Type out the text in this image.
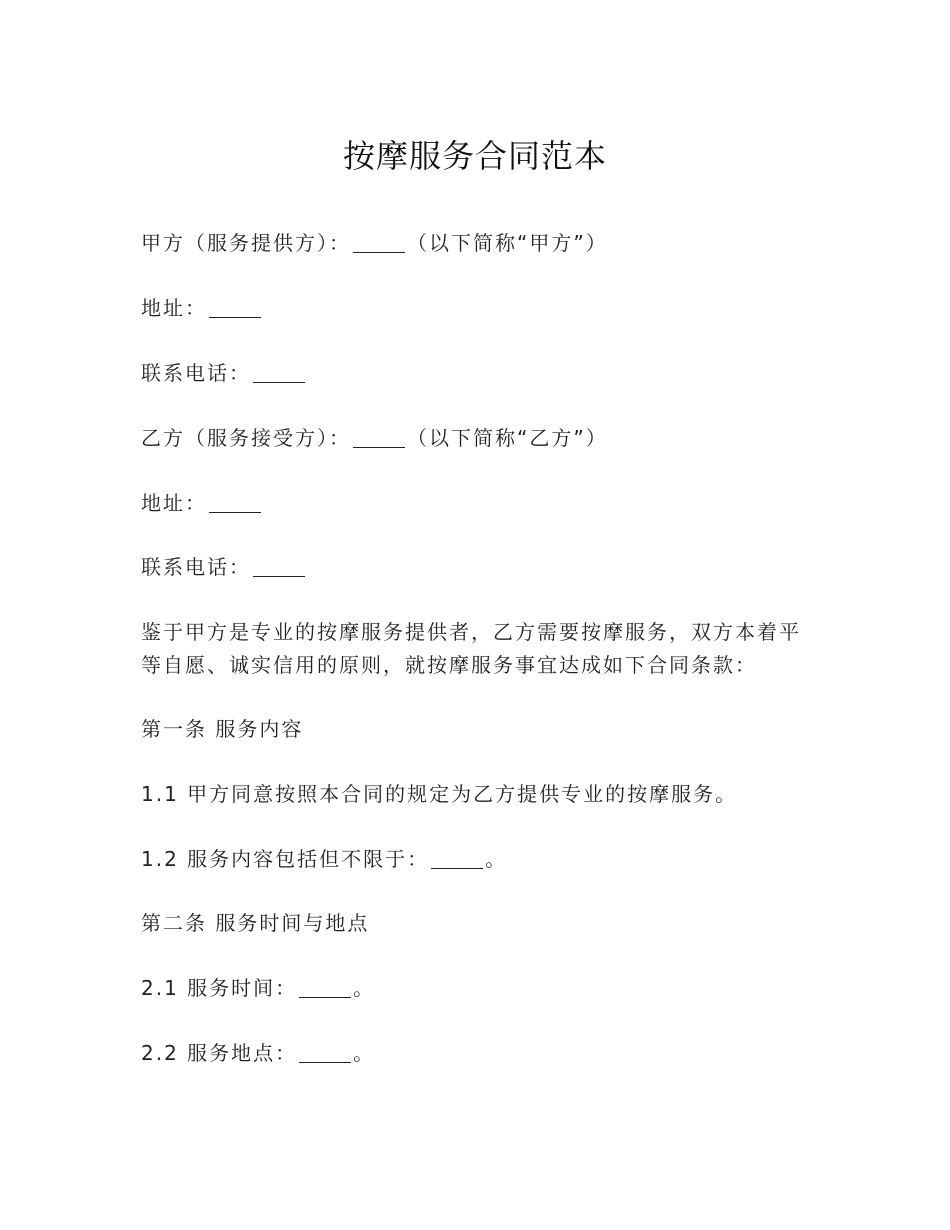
按摩服务合同范本
甲方（服务提供方）：	（以下简称“甲方”）
地址：
联系电话：
乙方（服务接受方）：	（以下简称“乙方”）
地址：
联系电话：
鉴于甲方是专业的按摩服务提供者，乙方需要按摩服务，双方本着平
等自愿、诚实信用的原则，就按摩服务事宜达成如下合同条款：
第一条 服务内容
1.1 甲方同意按照本合同的规定为乙方提供专业的按摩服务。
1.2 服务内容包括但不限于：	。
第二条 服务时间与地点
2.1 服务时间：	。
2.2 服务地点：	。
